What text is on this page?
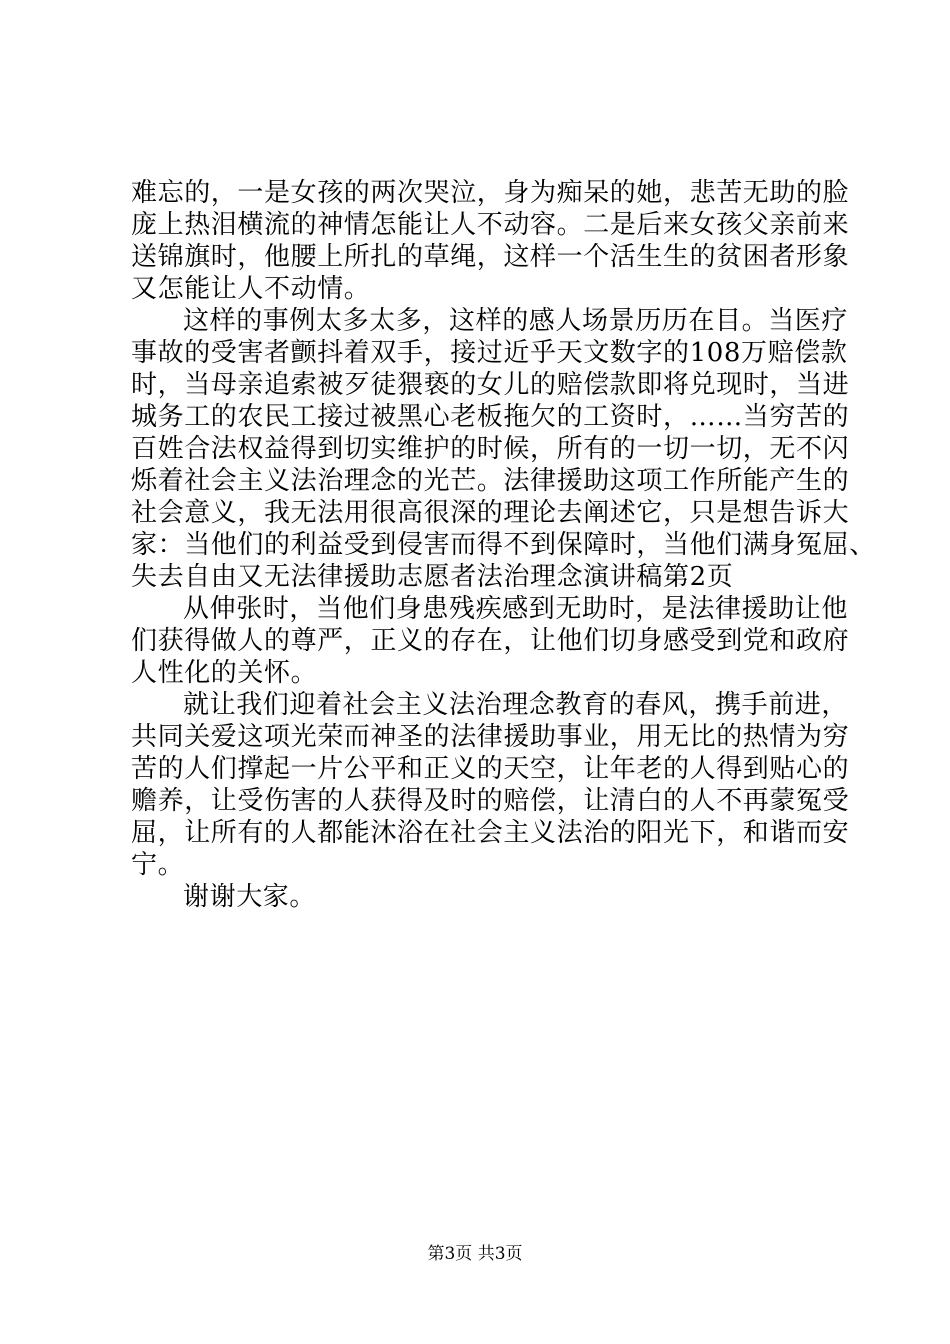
难忘的，一是女孩的两次哭泣，身为痴呆的她，悲苦无助的脸
庞上热泪横流的神情怎能让人不动容。二是后来女孩父亲前来
送锦旗时，他腰上所扎的草绳，这样一个活生生的贫困者形象
又怎能让人不动情。
这样的事例太多太多，这样的感人场景历历在目。当医疗
事故的受害者颤抖着双手，接过近乎天文数字的108万赔偿款
时，当母亲追索被歹徒猥亵的女儿的赔偿款即将兑现时，当进
城务工的农民工接过被黑心老板拖欠的工资时，……当穷苦的
百姓合法权益得到切实维护的时候，所有的一切一切，无不闪
烁着社会主义法治理念的光芒。法律援助这项工作所能产生的
社会意义，我无法用很高很深的理论去阐述它，只是想告诉大
家：当他们的利益受到侵害而得不到保障时，当他们满身冤屈、
失去自由又无法律援助志愿者法治理念演讲稿第2页
从伸张时，当他们身患残疾感到无助时，是法律援助让他
们获得做人的尊严，正义的存在，让他们切身感受到党和政府
人性化的关怀。
就让我们迎着社会主义法治理念教育的春风，携手前进，
共同关爱这项光荣而神圣的法律援助事业，用无比的热情为穷
苦的人们撑起一片公平和正义的天空，让年老的人得到贴心的
赡养，让受伤害的人获得及时的赔偿，让清白的人不再蒙冤受
屈，让所有的人都能沐浴在社会主义法治的阳光下，和谐而安
宁。
谢谢大家。
第3页 共3页
